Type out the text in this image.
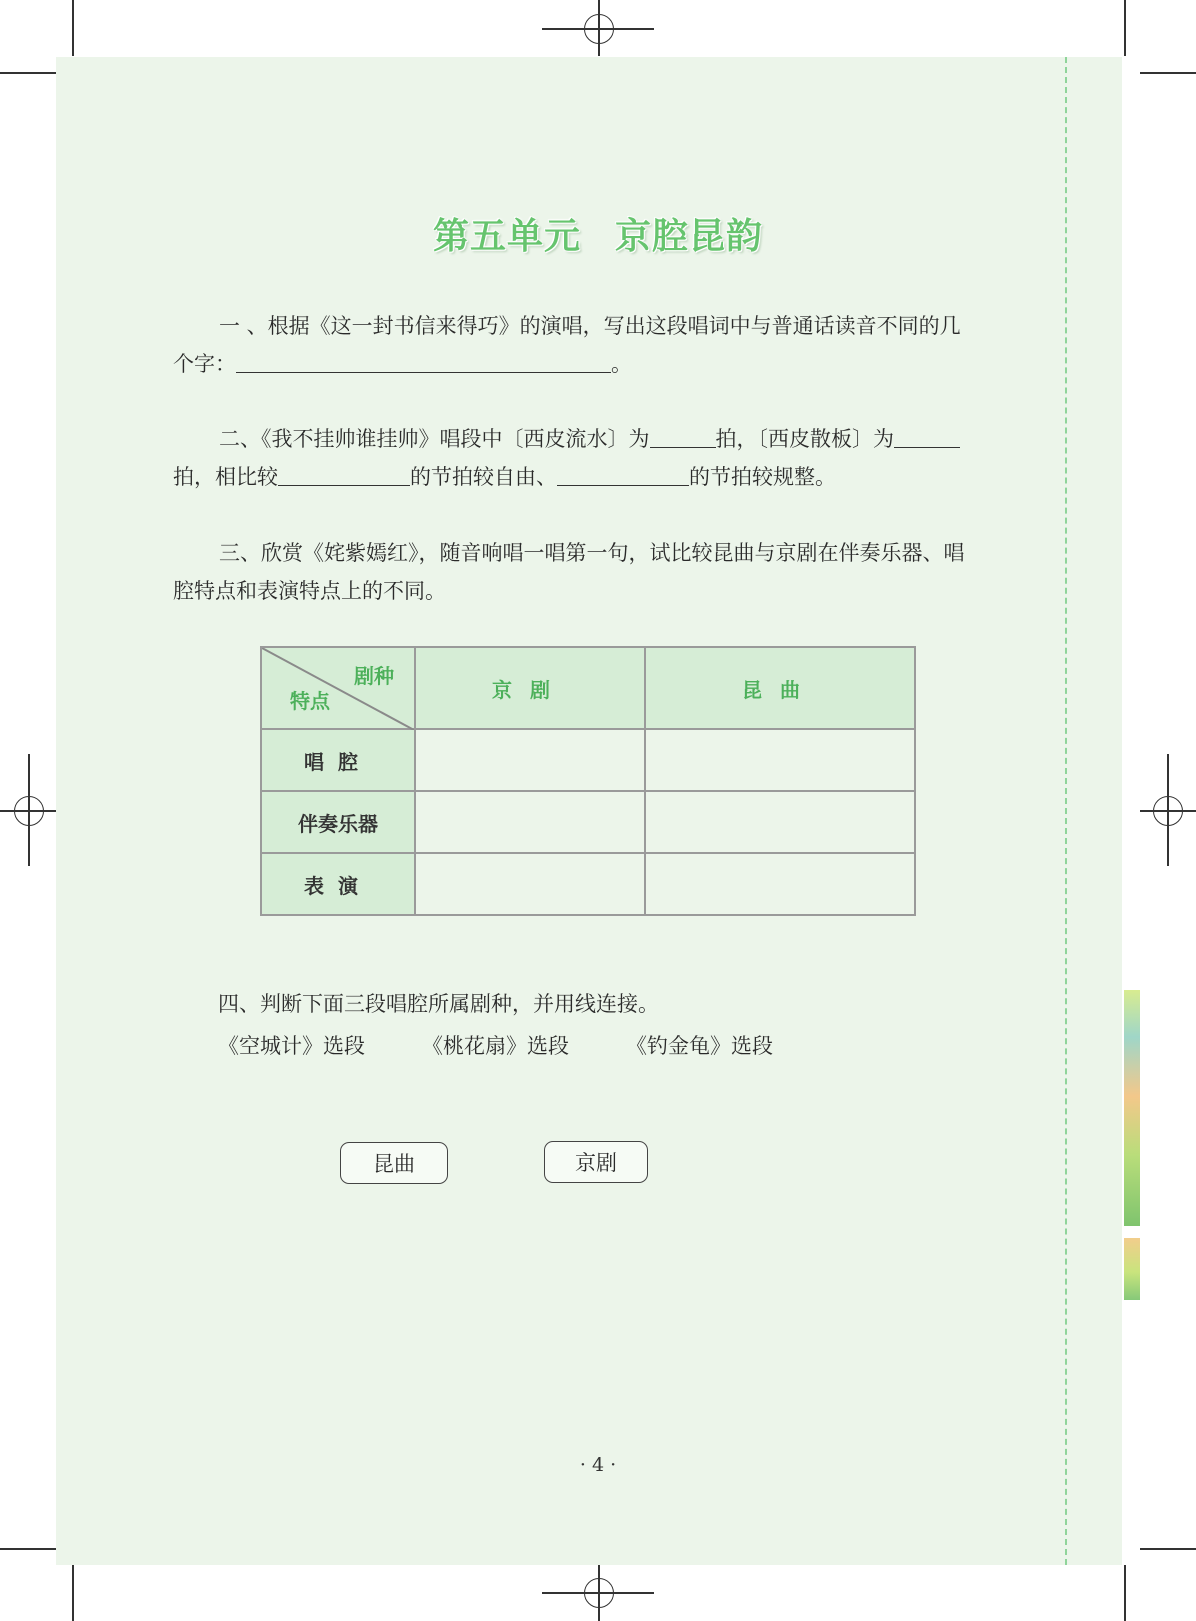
第五单元 京腔昆韵
一 、根据《这一封书信来得巧》的演唱，写出这段唱词中与普通话读音不同的几
个字：	。
二、《我不挂帅谁挂帅》唱段中〔西皮流水〕为	拍，〔西皮散板〕为
拍，相比较	的节拍较自由、	的节拍较规整。
三、欣赏《姹紫嫣红》，随音响唱一唱第一句，试比较昆曲与京剧在伴奏乐器、唱
腔特点和表演特点上的不同。
剧种
特点	京剧	昆曲
唱腔		
伴奏乐器		
表演		
四、判断下面三段唱腔所属剧种，并用线连接。
《空城计》选段	《桃花扇》选段	《钓金龟》选段
昆曲	京剧
· 4 ·
